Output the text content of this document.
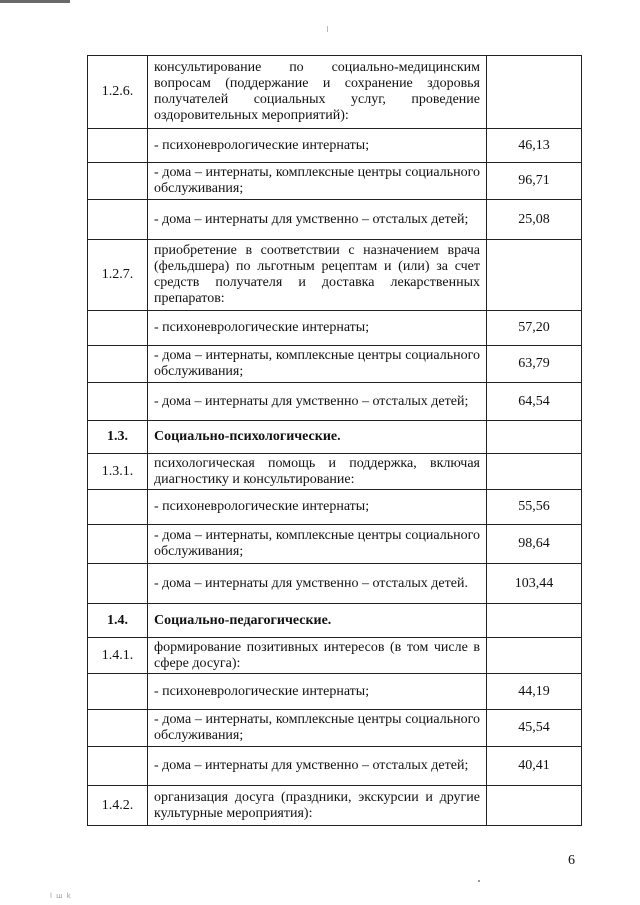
1.2.6.	консультирование по социально-медицинским вопросам (поддержание и сохранение здоровья получателей социальных услуг, проведение оздоровительных мероприятий):	
	- психоневрологические интернаты;	46,13
	- дома – интернаты, комплексные центры социального обслуживания;	96,71
	- дома – интернаты для умственно – отсталых детей;	25,08
1.2.7.	приобретение в соответствии с назначением врача (фельдшера) по льготным рецептам и (или) за счет средств получателя и доставка лекарственных препаратов:	
	- психоневрологические интернаты;	57,20
	- дома – интернаты, комплексные центры социального обслуживания;	63,79
	- дома – интернаты для умственно – отсталых детей;	64,54
1.3.	Социально-психологические.	
1.3.1.	психологическая помощь и поддержка, включая диагностику и консультирование:	
	- психоневрологические интернаты;	55,56
	- дома – интернаты, комплексные центры социального обслуживания;	98,64
	- дома – интернаты для умственно – отсталых детей.	103,44
1.4.	Социально-педагогические.	
1.4.1.	формирование позитивных интересов (в том числе в сфере досуга):	
	- психоневрологические интернаты;	44,19
	- дома – интернаты, комплексные центры социального обслуживания;	45,54
	- дома – интернаты для умственно – отсталых детей;	40,41
1.4.2.	организация досуга (праздники, экскурсии и другие культурные мероприятия):	
6
l ш k
